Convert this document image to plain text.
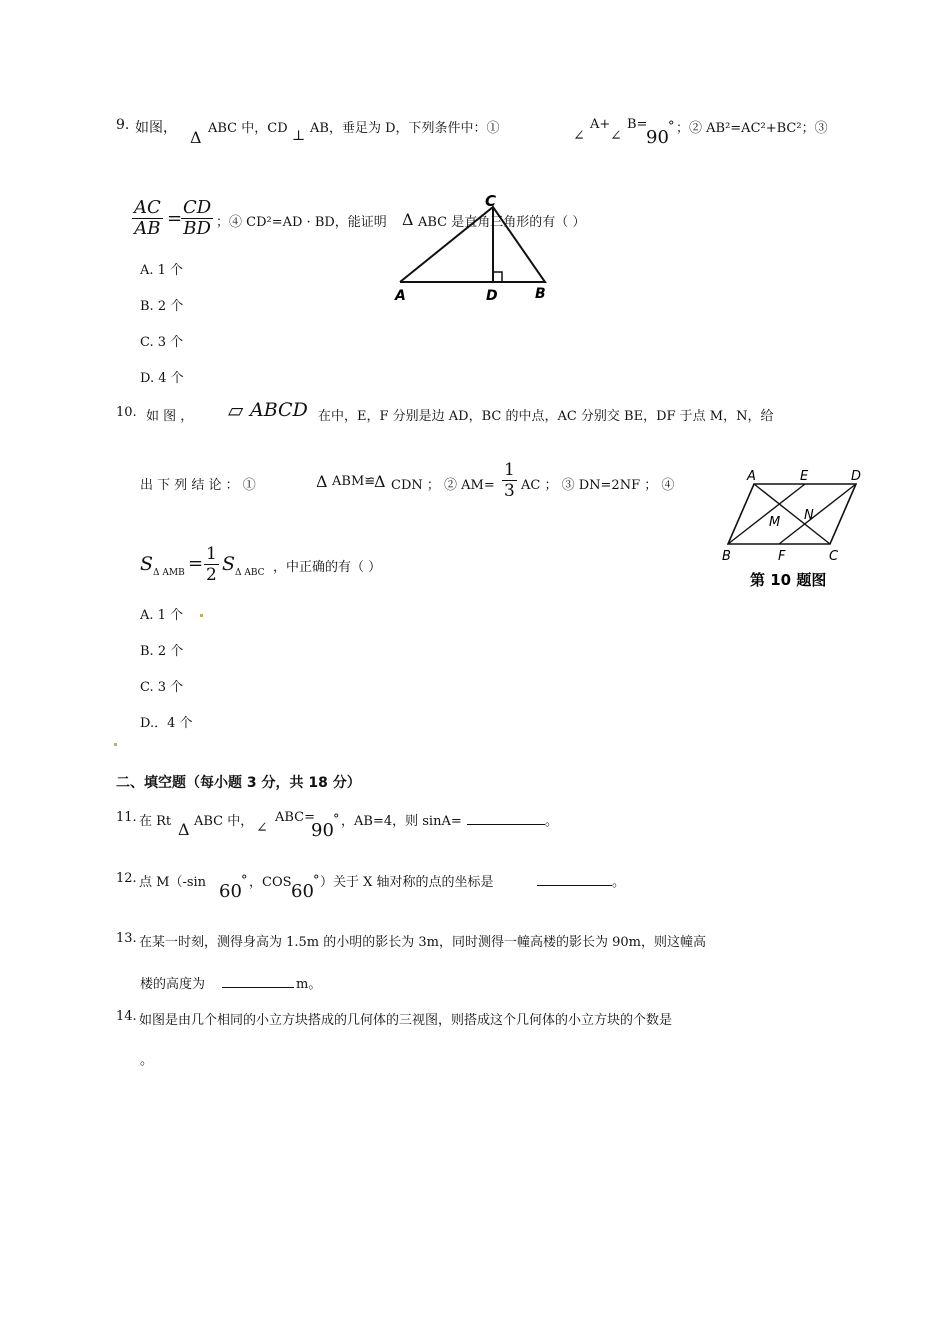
9. 如图， Δ ABC 中，CD ⊥ AB，垂足为 D，下列条件中：①	∠
A+
∠
B=
90
° ；② AB²=AC²+BC²；③
$\frac{AC}{AB}$ =
$\frac{CD}{BD}$ ；④ CD²=AD · BD，能证明 Δ ABC 是直角三角形的有（ ）
A. 1 个
B. 2 个
C. 3 个
D. 4 个
C
A	D	B
10. 如 图 ， ▱ ABCD 在中，E，F 分别是边 AD，BC 的中点，AC 分别交 BE，DF 于点 M，N，给
出 下 列 结 论 ： ①	Δ ABM≌
Δ CDN ； ② $AM= \frac{1}{3}$ AC ； ③ DN=2NF ； ④
S Δ AMB = $\frac{1}{2}$ S Δ ABC ，中正确的有（ ）
A. 1 个
B. 2 个
C. 3 个
D.．4 个
A	E	D
M N
B	F	C
第 10 题图
二、填空题（每小题 3 分，共 18 分）
11. 在 Rt Δ ABC 中， ∠
ABC=
90
° ，AB=4，则 sinA=	。
12. 点 M（-sin 60
° ，COS 60
° ）关于 X 轴对称的点的坐标是	。
13. 在某一时刻，测得身高为 1.5m 的小明的影长为 3m，同时测得一幢高楼的影长为 90m，则这幢高
楼的高度为	m。
14. 如图是由几个相同的小立方块搭成的几何体的三视图，则搭成这个几何体的小立方块的个数是
。
